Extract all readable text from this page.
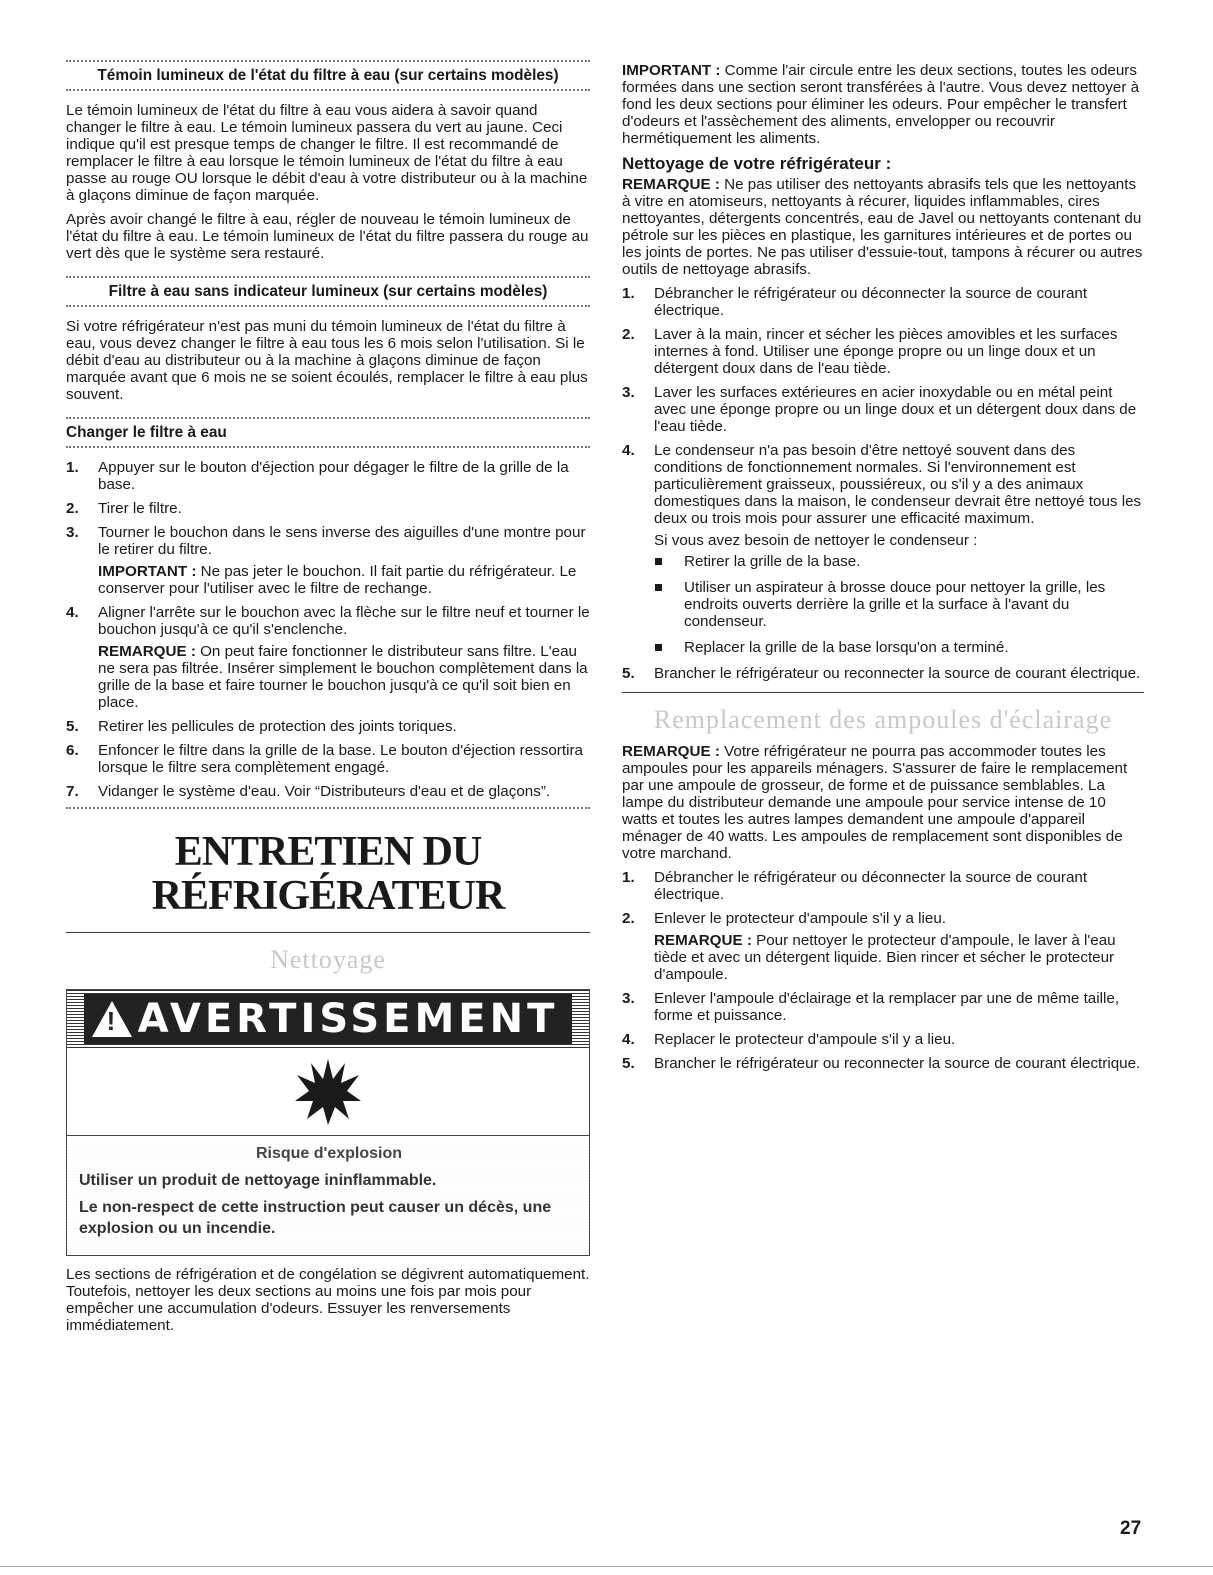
Témoin lumineux de l'état du filtre à eau (sur certains modèles)

Le témoin lumineux de l'état du filtre à eau vous aidera à savoir quand changer le filtre à eau. Le témoin lumineux passera du vert au jaune. Ceci indique qu'il est presque temps de changer le filtre. Il est recommandé de remplacer le filtre à eau lorsque le témoin lumineux de l'état du filtre à eau passe au rouge OU lorsque le débit d'eau à votre distributeur ou à la machine à glaçons diminue de façon marquée.

Après avoir changé le filtre à eau, régler de nouveau le témoin lumineux de l'état du filtre à eau. Le témoin lumineux de l'état du filtre passera du rouge au vert dès que le système sera restauré.

Filtre à eau sans indicateur lumineux (sur certains modèles)

Si votre réfrigérateur n'est pas muni du témoin lumineux de l'état du filtre à eau, vous devez changer le filtre à eau tous les 6 mois selon l'utilisation. Si le débit d'eau au distributeur ou à la machine à glaçons diminue de façon marquée avant que 6 mois ne se soient écoulés, remplacer le filtre à eau plus souvent.

Changer le filtre à eau
1. Appuyer sur le bouton d'éjection pour dégager le filtre de la grille de la base.
2. Tirer le filtre.
3. Tourner le bouchon dans le sens inverse des aiguilles d'une montre pour le retirer du filtre.
IMPORTANT : Ne pas jeter le bouchon. Il fait partie du réfrigérateur. Le conserver pour l'utiliser avec le filtre de rechange.
4. Aligner l'arrête sur le bouchon avec la flèche sur le filtre neuf et tourner le bouchon jusqu'à ce qu'il s'enclenche.
REMARQUE : On peut faire fonctionner le distributeur sans filtre. L'eau ne sera pas filtrée. Insérer simplement le bouchon complètement dans la grille de la base et faire tourner le bouchon jusqu'à ce qu'il soit bien en place.
5. Retirer les pellicules de protection des joints toriques.
6. Enfoncer le filtre dans la grille de la base. Le bouton d'éjection ressortira lorsque le filtre sera complètement engagé.
7. Vidanger le système d'eau. Voir “Distributeurs d'eau et de glaçons”.
ENTRETIEN DU
RÉFRIGÉRATEUR
Nettoyage
! AVERTISSEMENT
Risque d'explosion
Utiliser un produit de nettoyage ininflammable.
Le non-respect de cette instruction peut causer un décès, une explosion ou un incendie.

Les sections de réfrigération et de congélation se dégivrent automatiquement. Toutefois, nettoyer les deux sections au moins une fois par mois pour empêcher une accumulation d'odeurs. Essuyer les renversements immédiatement.

IMPORTANT : Comme l'air circule entre les deux sections, toutes les odeurs formées dans une section seront transférées à l'autre. Vous devez nettoyer à fond les deux sections pour éliminer les odeurs. Pour empêcher le transfert d'odeurs et l'assèchement des aliments, envelopper ou recouvrir hermétiquement les aliments.

Nettoyage de votre réfrigérateur :

REMARQUE : Ne pas utiliser des nettoyants abrasifs tels que les nettoyants à vitre en atomiseurs, nettoyants à récurer, liquides inflammables, cires nettoyantes, détergents concentrés, eau de Javel ou nettoyants contenant du pétrole sur les pièces en plastique, les garnitures intérieures et de portes ou les joints de portes. Ne pas utiliser d'essuie-tout, tampons à récurer ou autres outils de nettoyage abrasifs.

1. Débrancher le réfrigérateur ou déconnecter la source de courant électrique.
2. Laver à la main, rincer et sécher les pièces amovibles et les surfaces internes à fond. Utiliser une éponge propre ou un linge doux et un détergent doux dans de l'eau tiède.
3. Laver les surfaces extérieures en acier inoxydable ou en métal peint avec une éponge propre ou un linge doux et un détergent doux dans de l'eau tiède.
4. Le condenseur n'a pas besoin d'être nettoyé souvent dans des conditions de fonctionnement normales. Si l'environnement est particulièrement graisseux, poussiéreux, ou s'il y a des animaux domestiques dans la maison, le condenseur devrait être nettoyé tous les deux ou trois mois pour assurer une efficacité maximum.
Si vous avez besoin de nettoyer le condenseur :
Retirer la grille de la base.
Utiliser un aspirateur à brosse douce pour nettoyer la grille, les endroits ouverts derrière la grille et la surface à l'avant du condenseur.
Replacer la grille de la base lorsqu'on a terminé.
5. Brancher le réfrigérateur ou reconnecter la source de courant électrique.
Remplacement des ampoules d'éclairage

REMARQUE : Votre réfrigérateur ne pourra pas accommoder toutes les ampoules pour les appareils ménagers. S'assurer de faire le remplacement par une ampoule de grosseur, de forme et de puissance semblables. La lampe du distributeur demande une ampoule pour service intense de 10 watts et toutes les autres lampes demandent une ampoule d'appareil ménager de 40 watts. Les ampoules de remplacement sont disponibles de votre marchand.

1. Débrancher le réfrigérateur ou déconnecter la source de courant électrique.
2. Enlever le protecteur d'ampoule s'il y a lieu.
REMARQUE : Pour nettoyer le protecteur d'ampoule, le laver à l'eau tiède et avec un détergent liquide. Bien rincer et sécher le protecteur d'ampoule.
3. Enlever l'ampoule d'éclairage et la remplacer par une de même taille, forme et puissance.
4. Replacer le protecteur d'ampoule s'il y a lieu.
5. Brancher le réfrigérateur ou reconnecter la source de courant électrique.
27
